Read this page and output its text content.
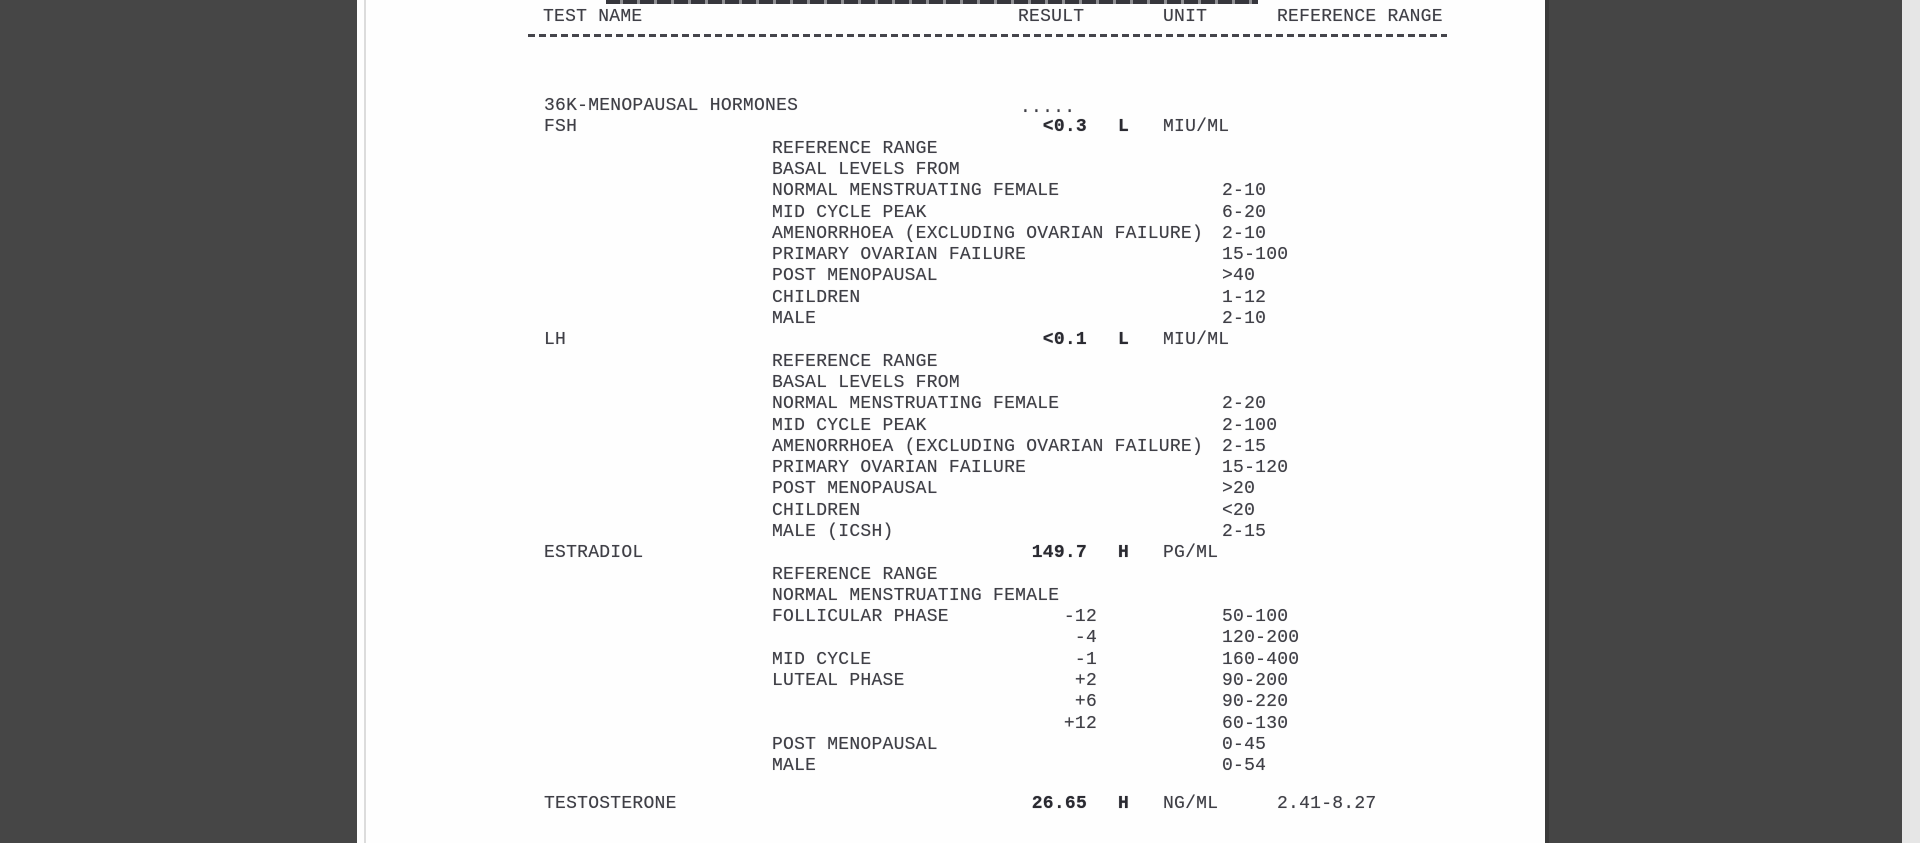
TEST NAME	RESULT	UNIT	REFERENCE RANGE
36K-MENOPAUSAL HORMONES	.....
FSH	<0.3 L MIU/ML
REFERENCE RANGE
BASAL LEVELS FROM
NORMAL MENSTRUATING FEMALE	2-10
MID CYCLE PEAK	6-20
AMENORRHOEA (EXCLUDING OVARIAN FAILURE) 2-10
PRIMARY OVARIAN FAILURE	15-100
POST MENOPAUSAL	>40
CHILDREN	1-12
MALE	2-10
LH	<0.1 L MIU/ML
REFERENCE RANGE
BASAL LEVELS FROM
NORMAL MENSTRUATING FEMALE	2-20
MID CYCLE PEAK	2-100
AMENORRHOEA (EXCLUDING OVARIAN FAILURE) 2-15
PRIMARY OVARIAN FAILURE	15-120
POST MENOPAUSAL	>20
CHILDREN	<20
MALE (ICSH)	2-15
ESTRADIOL	149.7 H PG/ML
REFERENCE RANGE
NORMAL MENSTRUATING FEMALE
FOLLICULAR PHASE	-12	50-100
-4	120-200
MID CYCLE	-1	160-400
LUTEAL PHASE	+2	90-200
+6	90-220
+12	60-130
POST MENOPAUSAL	0-45
MALE	0-54
TESTOSTERONE	26.65 H NG/ML	2.41-8.27
